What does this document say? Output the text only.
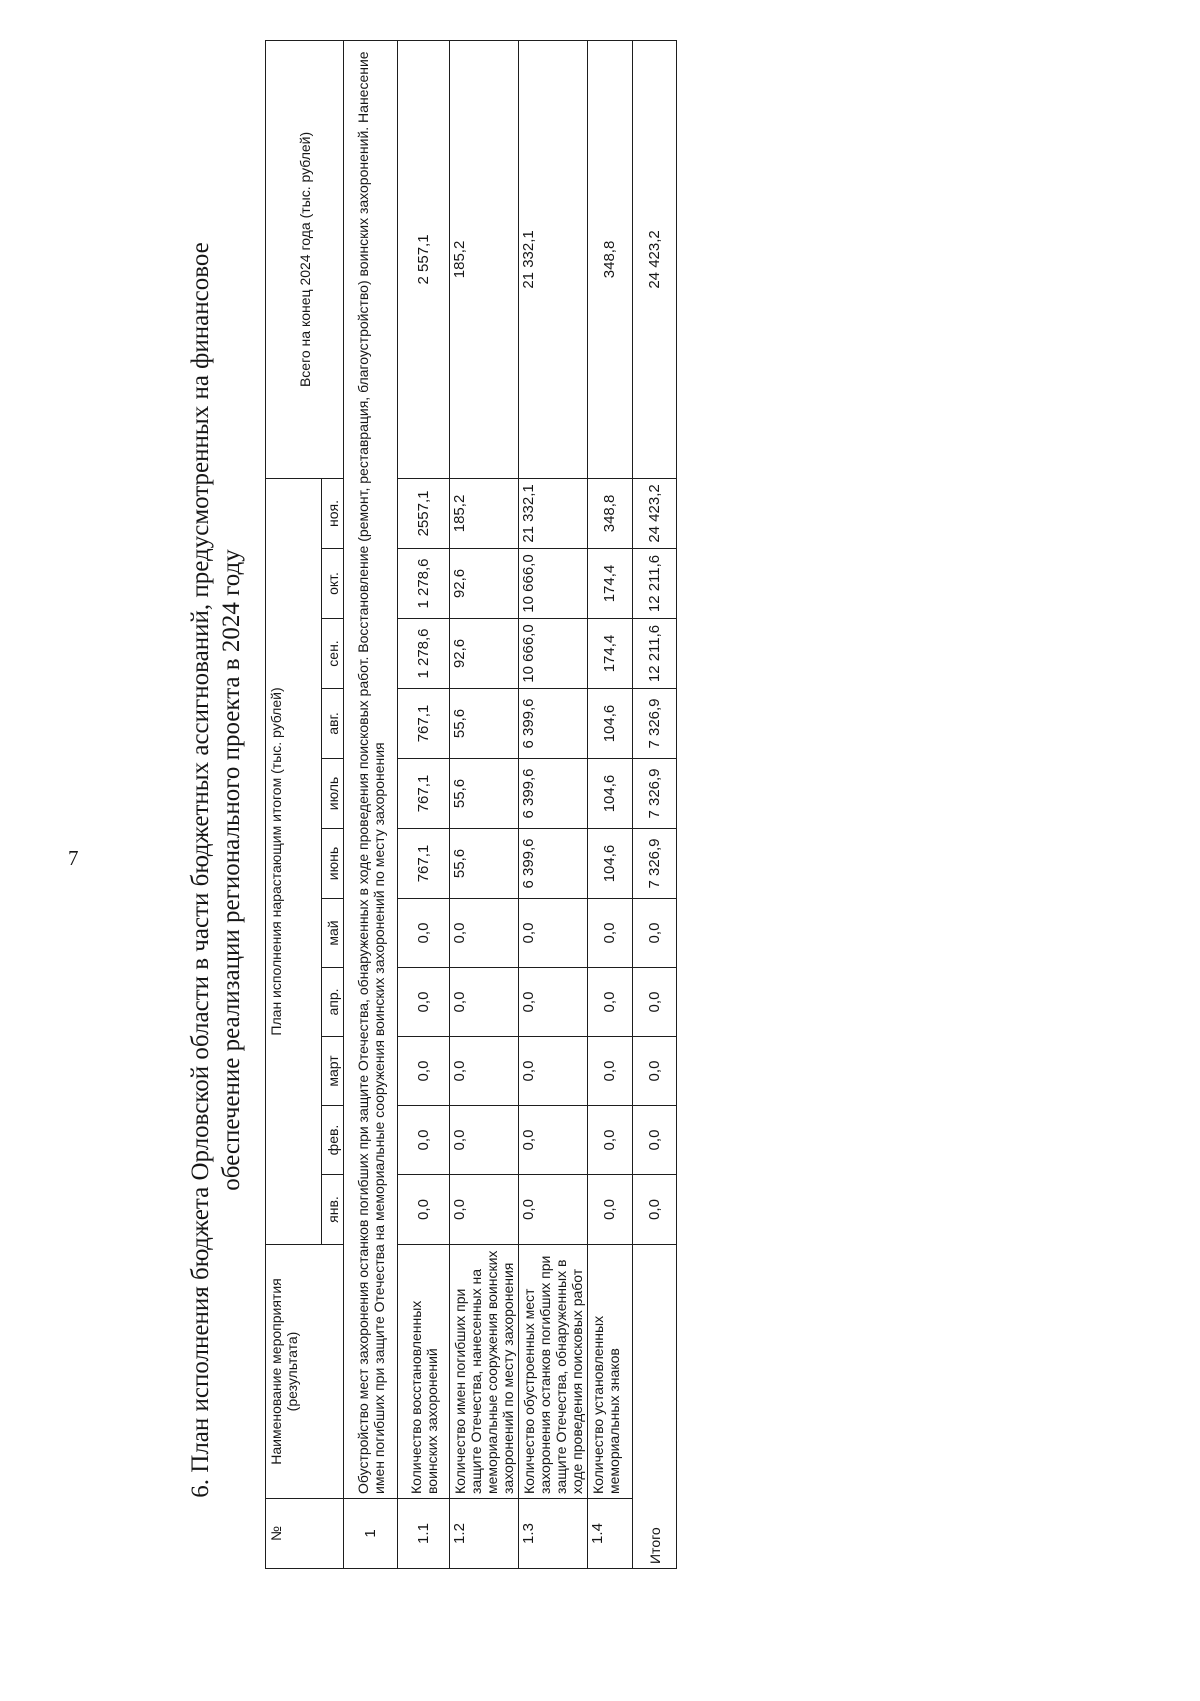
7	6. План исполнения бюджета Орловской области в части бюджетных ассигнований, предусмотренных на финансовое обеспечение реализации регионального проекта в 2024 году
№	Наименование мероприятия (результата)	План исполнения нарастающим итогом (тыс. рублей)											Всего на конец 2024 года (тыс. рублей)
		янв.	фев.	март	апр.	май	июнь	июль	авг.	сен.	окт.	ноя.	
1	Обустройство мест захоронения останков погибших при защите Отечества, обнаруженных в ходе проведения поисковых работ. Восстановление (ремонт, реставрация, благоустройство) воинских захоронений. Нанесение имен погибших при защите Отечества на мемориальные сооружения воинских захоронений по месту захоронения												
1.1	Количество восстановленных воинских захоронений	0,0	0,0	0,0	0,0	0,0	767,1	767,1	767,1	1 278,6	1 278,6	2557,1	2 557,1
1.2	Количество имен погибших при защите Отечества, нанесенных на мемориальные сооружения воинских захоронений по месту захоронения	0,0	0,0	0,0	0,0	0,0	55,6	55,6	55,6	92,6	92,6	185,2	185,2
1.3	Количество обустроенных мест захоронения останков погибших при защите Отечества, обнаруженных в ходе проведения поисковых работ	0,0	0,0	0,0	0,0	0,0	6 399,6	6 399,6	6 399,6	10 666,0	10 666,0	21 332,1	21 332,1
1.4	Количество установленных мемориальных знаков	0,0	0,0	0,0	0,0	0,0	104,6	104,6	104,6	174,4	174,4	348,8	348,8
Итого		0,0	0,0	0,0	0,0	0,0	7 326,9	7 326,9	7 326,9	12 211,6	12 211,6	24 423,2	24 423,2
